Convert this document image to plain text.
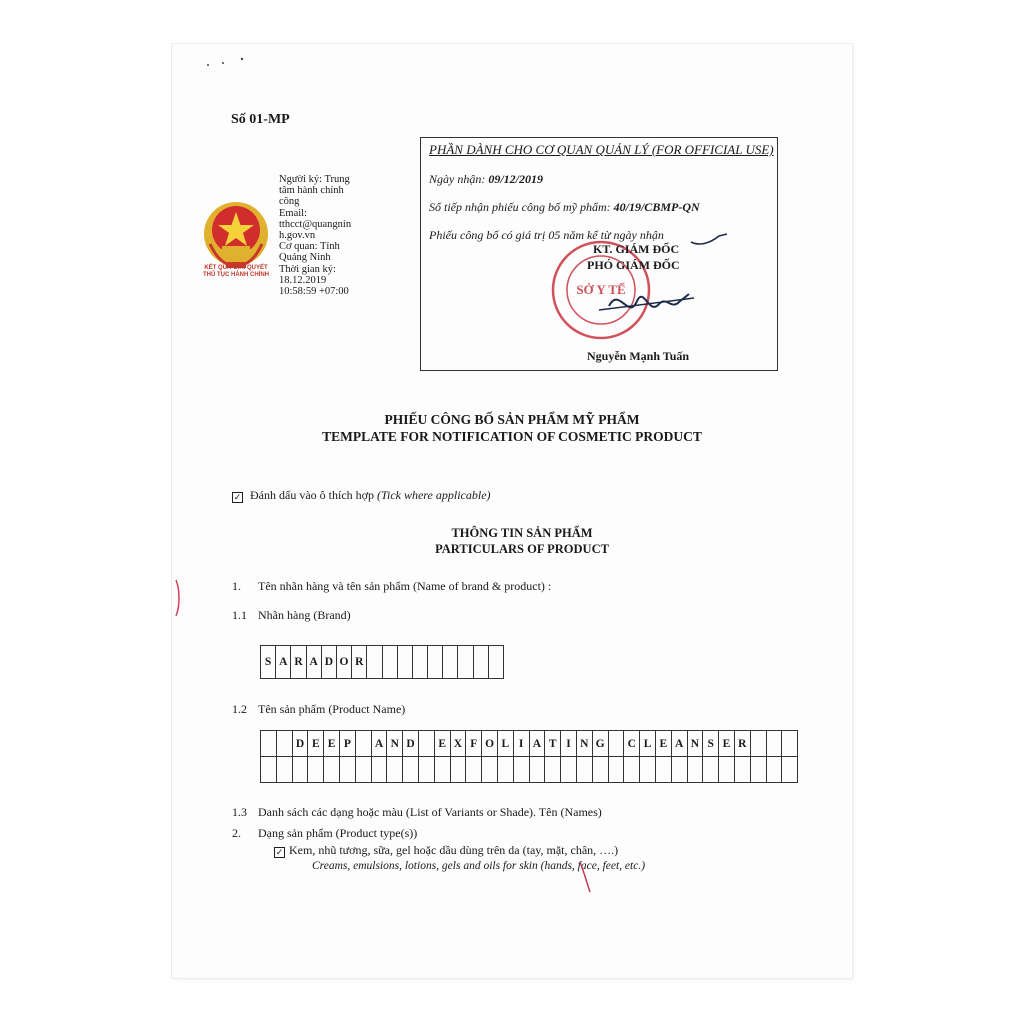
Số 01-MP
KẾT QUẢ GIẢI QUYẾT
THỦ TỤC HÀNH CHÍNH
Người ký: Trung
tâm hành chính
công
Email:
tthcct@quangnin
h.gov.vn
Cơ quan: Tỉnh
Quảng Ninh
Thời gian ký:
18.12.2019
10:58:59 +07:00
PHẦN DÀNH CHO CƠ QUAN QUẢN LÝ (FOR OFFICIAL USE)
Ngày nhận: 09/12/2019
Số tiếp nhận phiếu công bố mỹ phẩm: 40/19/CBMP-QN
Phiếu công bố có giá trị 05 năm kể từ ngày nhận
SỞ Y TẾ
KT. GIÁM ĐỐC
PHÓ GIÁM ĐỐC
Nguyễn Mạnh Tuấn
PHIẾU CÔNG BỐ SẢN PHẨM MỸ PHẨM
TEMPLATE FOR NOTIFICATION OF COSMETIC PRODUCT
✓ Đánh dấu vào ô thích hợp (Tick where applicable)
THÔNG TIN SẢN PHẨM
PARTICULARS OF PRODUCT
1. Tên nhãn hàng và tên sản phẩm (Name of brand & product) :
1.1 Nhãn hàng (Brand)
S	A	R	A	D	O	R									
1.2 Tên sản phẩm (Product Name)
		D	E	E	P		A	N	D		E	X	F	O	L	I	A	T	I	N	G		C	L	E	A	N	S	E	R			

1.3 Danh sách các dạng hoặc màu (List of Variants or Shade). Tên (Names)
2. Dạng sản phẩm (Product type(s))
✓ Kem, nhũ tương, sữa, gel hoặc dầu dùng trên da (tay, mặt, chân, ….)
Creams, emulsions, lotions, gels and oils for skin (hands, face, feet, etc.)
